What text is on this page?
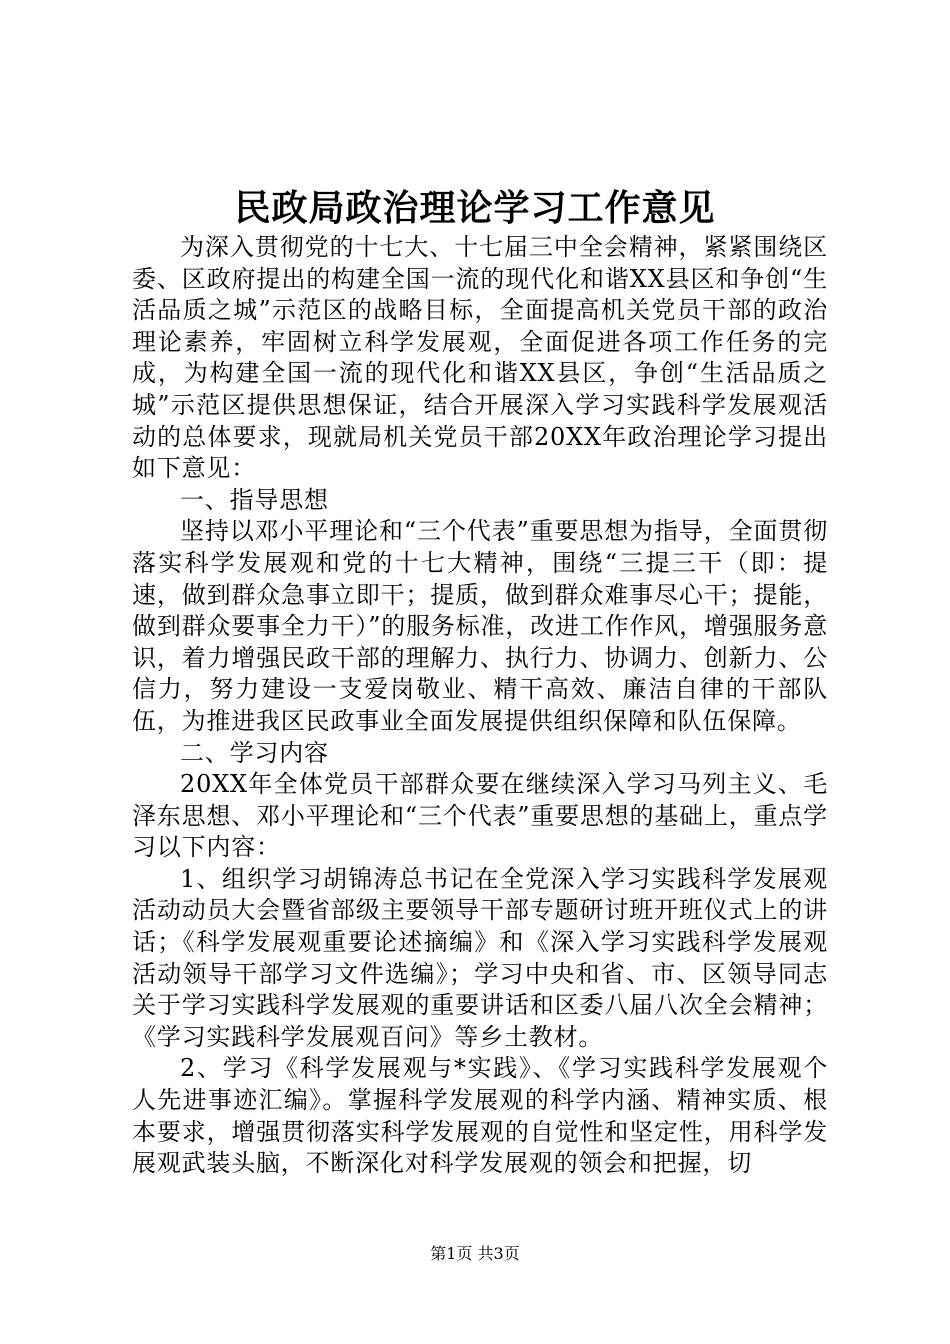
民政局政治理论学习工作意见

为深入贯彻党的十七大、十七届三中全会精神，紧紧围绕区委、区政府提出的构建全国一流的现代化和谐XX县区和争创“生活品质之城”示范区的战略目标，全面提高机关党员干部的政治理论素养，牢固树立科学发展观，全面促进各项工作任务的完成，为构建全国一流的现代化和谐XX县区，争创“生活品质之城”示范区提供思想保证，结合开展深入学习实践科学发展观活动的总体要求，现就局机关党员干部20XX年政治理论学习提出如下意见：

一、指导思想

坚持以邓小平理论和“三个代表”重要思想为指导，全面贯彻落实科学发展观和党的十七大精神，围绕“三提三干（即：提速，做到群众急事立即干；提质，做到群众难事尽心干；提能，做到群众要事全力干）”的服务标准，改进工作作风，增强服务意识，着力增强民政干部的理解力、执行力、协调力、创新力、公信力，努力建设一支爱岗敬业、精干高效、廉洁自律的干部队伍，为推进我区民政事业全面发展提供组织保障和队伍保障。

二、学习内容

20XX年全体党员干部群众要在继续深入学习马列主义、毛泽东思想、邓小平理论和“三个代表”重要思想的基础上，重点学习以下内容：

1、组织学习胡锦涛总书记在全党深入学习实践科学发展观活动动员大会暨省部级主要领导干部专题研讨班开班仪式上的讲话；《科学发展观重要论述摘编》和《深入学习实践科学发展观活动领导干部学习文件选编》；学习中央和省、市、区领导同志关于学习实践科学发展观的重要讲话和区委八届八次全会精神；《学习实践科学发展观百问》等乡土教材。

2、学习《科学发展观与*实践》、《学习实践科学发展观个人先进事迹汇编》。掌握科学发展观的科学内涵、精神实质、根本要求，增强贯彻落实科学发展观的自觉性和坚定性，用科学发展观武装头脑，不断深化对科学发展观的领会和把握，切

第1页 共3页
